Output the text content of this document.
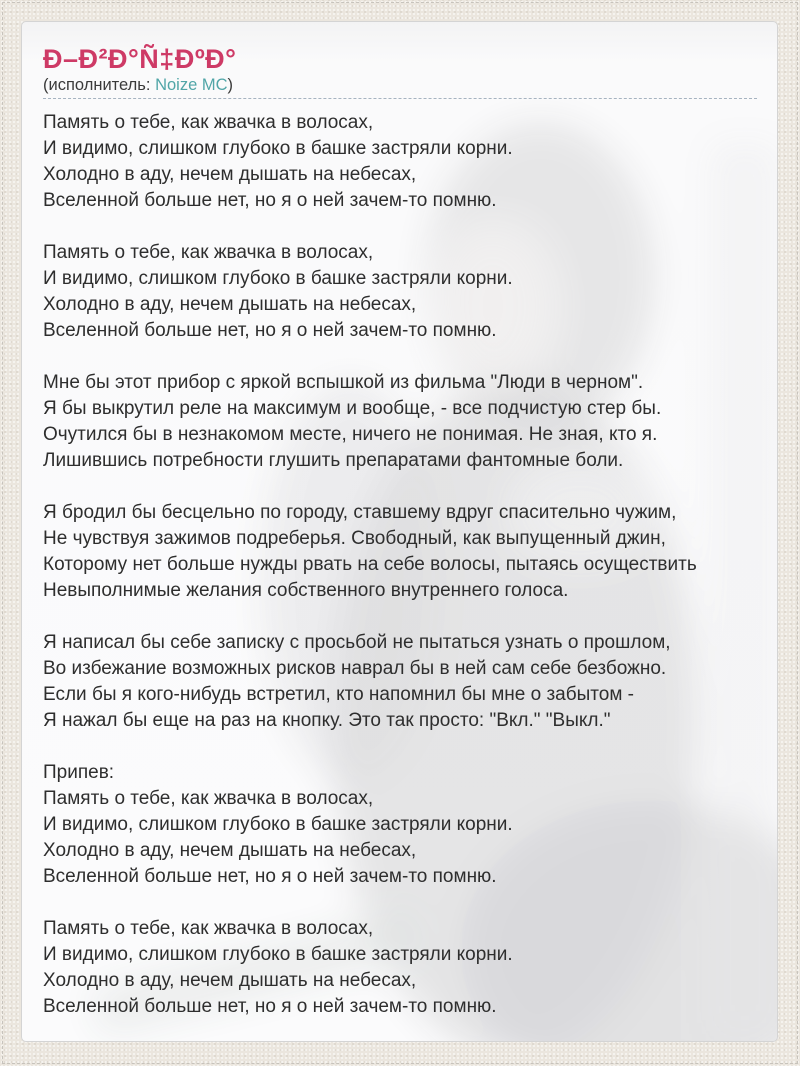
Ð–Ð²Ð°Ñ‡ÐºÐ°
(исполнитель: Noize MC)
Память о тебе, как жвачка в волосах,
И видимо, слишком глубоко в башке застряли корни.
Холодно в аду, нечем дышать на небесах,
Вселенной больше нет, но я о ней зачем-то помню.
Память о тебе, как жвачка в волосах,
И видимо, слишком глубоко в башке застряли корни.
Холодно в аду, нечем дышать на небесах,
Вселенной больше нет, но я о ней зачем-то помню.
Мне бы этот прибор с яркой вспышкой из фильма "Люди в черном".
Я бы выкрутил реле на максимум и вообще, - все подчистую стер бы.
Очутился бы в незнакомом месте, ничего не понимая. Не зная, кто я.
Лишившись потребности глушить препаратами фантомные боли.
Я бродил бы бесцельно по городу, ставшему вдруг спасительно чужим,
Не чувствуя зажимов подреберья. Свободный, как выпущенный джин,
Которому нет больше нужды рвать на себе волосы, пытаясь осуществить
Невыполнимые желания собственного внутреннего голоса.
Я написал бы себе записку с просьбой не пытаться узнать о прошлом,
Во избежание возможных рисков наврал бы в ней сам себе безбожно.
Если бы я кого-нибудь встретил, кто напомнил бы мне о забытом -
Я нажал бы еще на раз на кнопку. Это так просто: "Вкл." "Выкл."
Припев:
Память о тебе, как жвачка в волосах,
И видимо, слишком глубоко в башке застряли корни.
Холодно в аду, нечем дышать на небесах,
Вселенной больше нет, но я о ней зачем-то помню.
Память о тебе, как жвачка в волосах,
И видимо, слишком глубоко в башке застряли корни.
Холодно в аду, нечем дышать на небесах,
Вселенной больше нет, но я о ней зачем-то помню.
